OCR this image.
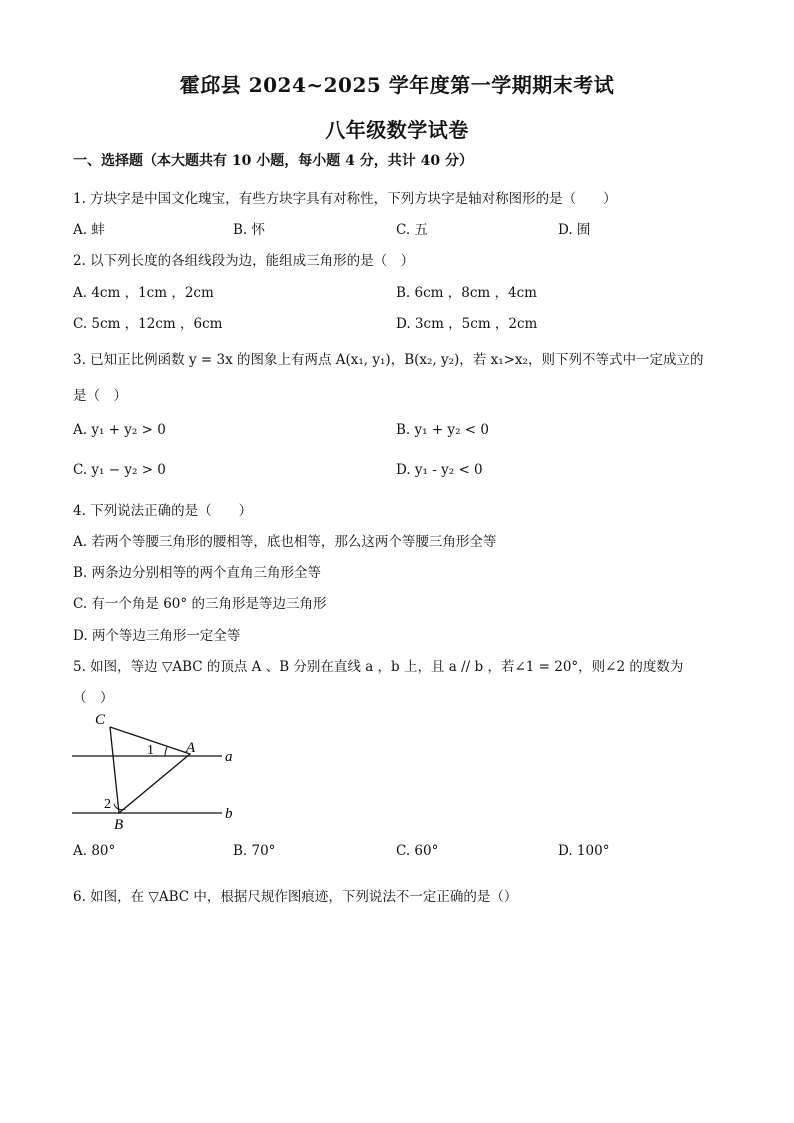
霍邱县 2024~2025 学年度第一学期期末考试
八年级数学试卷
一、选择题（本大题共有 10 小题，每小题 4 分，共计 40 分）
1. 方块字是中国文化瑰宝，有些方块字具有对称性，下列方块字是轴对称图形的是（　　）
A. 蚌	B. 怀	C. 五	D. 囿
2. 以下列长度的各组线段为边，能组成三角形的是（　）
A. 4cm ，1cm ，2cm	B. 6cm ，8cm ，4cm
C. 5cm ，12cm ，6cm	D. 3cm ，5cm ，2cm
3. 已知正比例函数 y = 3x 的图象上有两点 A(x₁, y₁)，B(x₂, y₂)，若 x₁>x₂，则下列不等式中一定成立的
是（　）
A. y₁ + y₂ > 0	B. y₁ + y₂ < 0
C. y₁ − y₂ > 0	D. y₁ - y₂ < 0
4. 下列说法正确的是（　　）
A. 若两个等腰三角形的腰相等，底也相等，那么这两个等腰三角形全等
B. 两条边分别相等的两个直角三角形全等
C. 有一个角是 60° 的三角形是等边三角形
D. 两个等边三角形一定全等
5. 如图，等边 ▽ABC 的顶点 A 、B 分别在直线 a ，b 上，且 a // b ，若∠1 = 20°，则∠2 的度数为
（　）
C
A
B
1
2
a
b
A. 80°	B. 70°	C. 60°	D. 100°
6. 如图，在 ▽ABC 中，根据尺规作图痕迹，下列说法不一定正确的是（）
